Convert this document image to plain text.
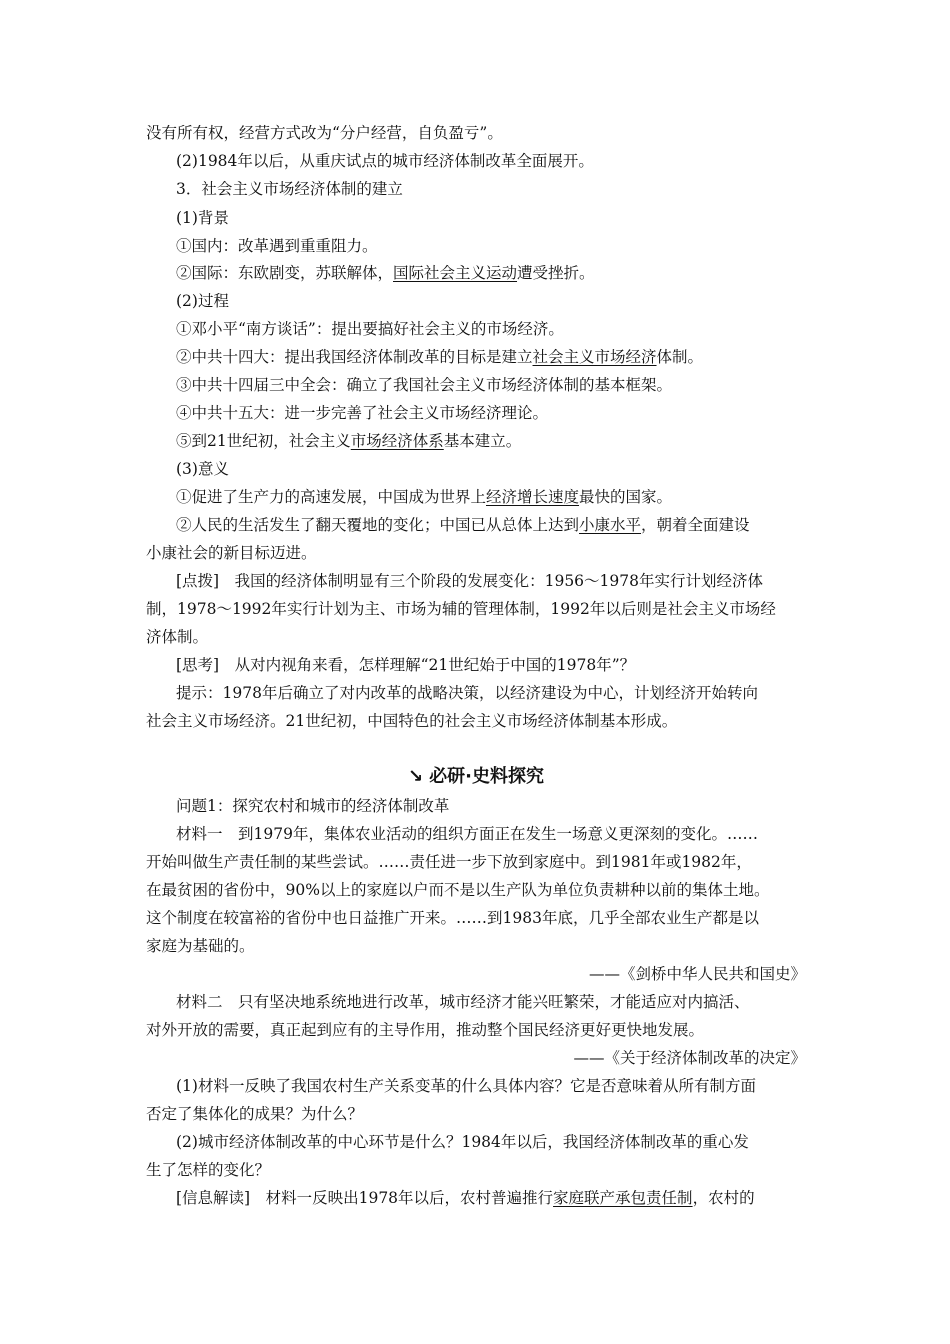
没有所有权，经营方式改为“分户经营，自负盈亏”。
(2)1984年以后，从重庆试点的城市经济体制改革全面展开。
3．社会主义市场经济体制的建立
(1)背景
①国内：改革遇到重重阻力。
②国际：东欧剧变，苏联解体，国际社会主义运动遭受挫折。
(2)过程
①邓小平“南方谈话”：提出要搞好社会主义的市场经济。
②中共十四大：提出我国经济体制改革的目标是建立社会主义市场经济体制。
③中共十四届三中全会：确立了我国社会主义市场经济体制的基本框架。
④中共十五大：进一步完善了社会主义市场经济理论。
⑤到21世纪初，社会主义市场经济体系基本建立。
(3)意义
①促进了生产力的高速发展，中国成为世界上经济增长速度最快的国家。
②人民的生活发生了翻天覆地的变化；中国已从总体上达到小康水平，朝着全面建设
小康社会的新目标迈进。
[点拨]　我国的经济体制明显有三个阶段的发展变化：1956～1978年实行计划经济体
制，1978～1992年实行计划为主、市场为辅的管理体制，1992年以后则是社会主义市场经
济体制。
[思考]　从对内视角来看，怎样理解“21世纪始于中国的1978年”？
提示：1978年后确立了对内改革的战略决策，以经济建设为中心，计划经济开始转向
社会主义市场经济。21世纪初，中国特色的社会主义市场经济体制基本形成。
↘ 必研·史料探究
问题1：探究农村和城市的经济体制改革
材料一　到1979年，集体农业活动的组织方面正在发生一场意义更深刻的变化。……
开始叫做生产责任制的某些尝试。……责任进一步下放到家庭中。到1981年或1982年，
在最贫困的省份中，90%以上的家庭以户而不是以生产队为单位负责耕种以前的集体土地。
这个制度在较富裕的省份中也日益推广开来。……到1983年底，几乎全部农业生产都是以
家庭为基础的。
——《剑桥中华人民共和国史》
材料二　只有坚决地系统地进行改革，城市经济才能兴旺繁荣，才能适应对内搞活、
对外开放的需要，真正起到应有的主导作用，推动整个国民经济更好更快地发展。
——《关于经济体制改革的决定》
(1)材料一反映了我国农村生产关系变革的什么具体内容？它是否意味着从所有制方面
否定了集体化的成果？为什么？
(2)城市经济体制改革的中心环节是什么？1984年以后，我国经济体制改革的重心发
生了怎样的变化？
[信息解读]　材料一反映出1978年以后，农村普遍推行家庭联产承包责任制，农村的
